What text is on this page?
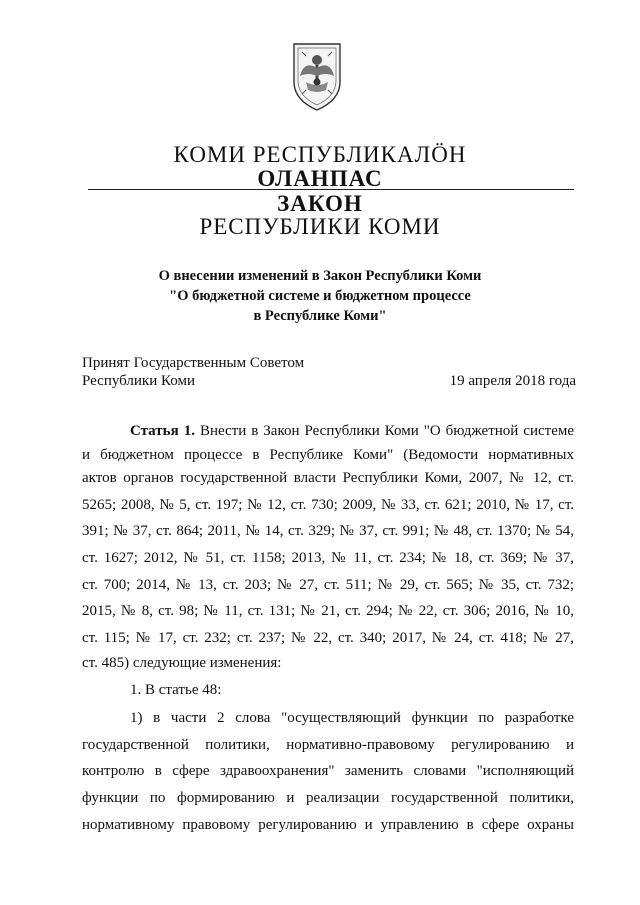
КОМИ РЕСПУБЛИКАЛÖН
ОЛАНПАС
ЗАКОН
РЕСПУБЛИКИ КОМИ
О внесении изменений в Закон Республики Коми
"О бюджетной системе и бюджетном процессе
в Республике Коми"
Принят Государственным Советом
Республики Коми	19 апреля 2018 года
Статья 1. Внести в Закон Республики Коми "О бюджетной системе
и бюджетном процессе в Республике Коми" (Ведомости нормативных
актов органов государственной власти Республики Коми, 2007, № 12, ст.
5265; 2008, № 5, ст. 197; № 12, ст. 730; 2009, № 33, ст. 621; 2010, № 17, ст.
391; № 37, ст. 864; 2011, № 14, ст. 329; № 37, ст. 991; № 48, ст. 1370; № 54,
ст. 1627; 2012, № 51, ст. 1158; 2013, № 11, ст. 234; № 18, ст. 369; № 37,
ст. 700; 2014, № 13, ст. 203; № 27, ст. 511; № 29, ст. 565; № 35, ст. 732;
2015, № 8, ст. 98; № 11, ст. 131; № 21, ст. 294; № 22, ст. 306; 2016, № 10,
ст. 115; № 17, ст. 232; ст. 237; № 22, ст. 340; 2017, № 24, ст. 418; № 27,
ст. 485) следующие изменения:
1. В статье 48:
1) в части 2 слова "осуществляющий функции по разработке
государственной политики, нормативно-правовому регулированию и
контролю в сфере здравоохранения" заменить словами "исполняющий
функции по формированию и реализации государственной политики,
нормативному правовому регулированию и управлению в сфере охраны
